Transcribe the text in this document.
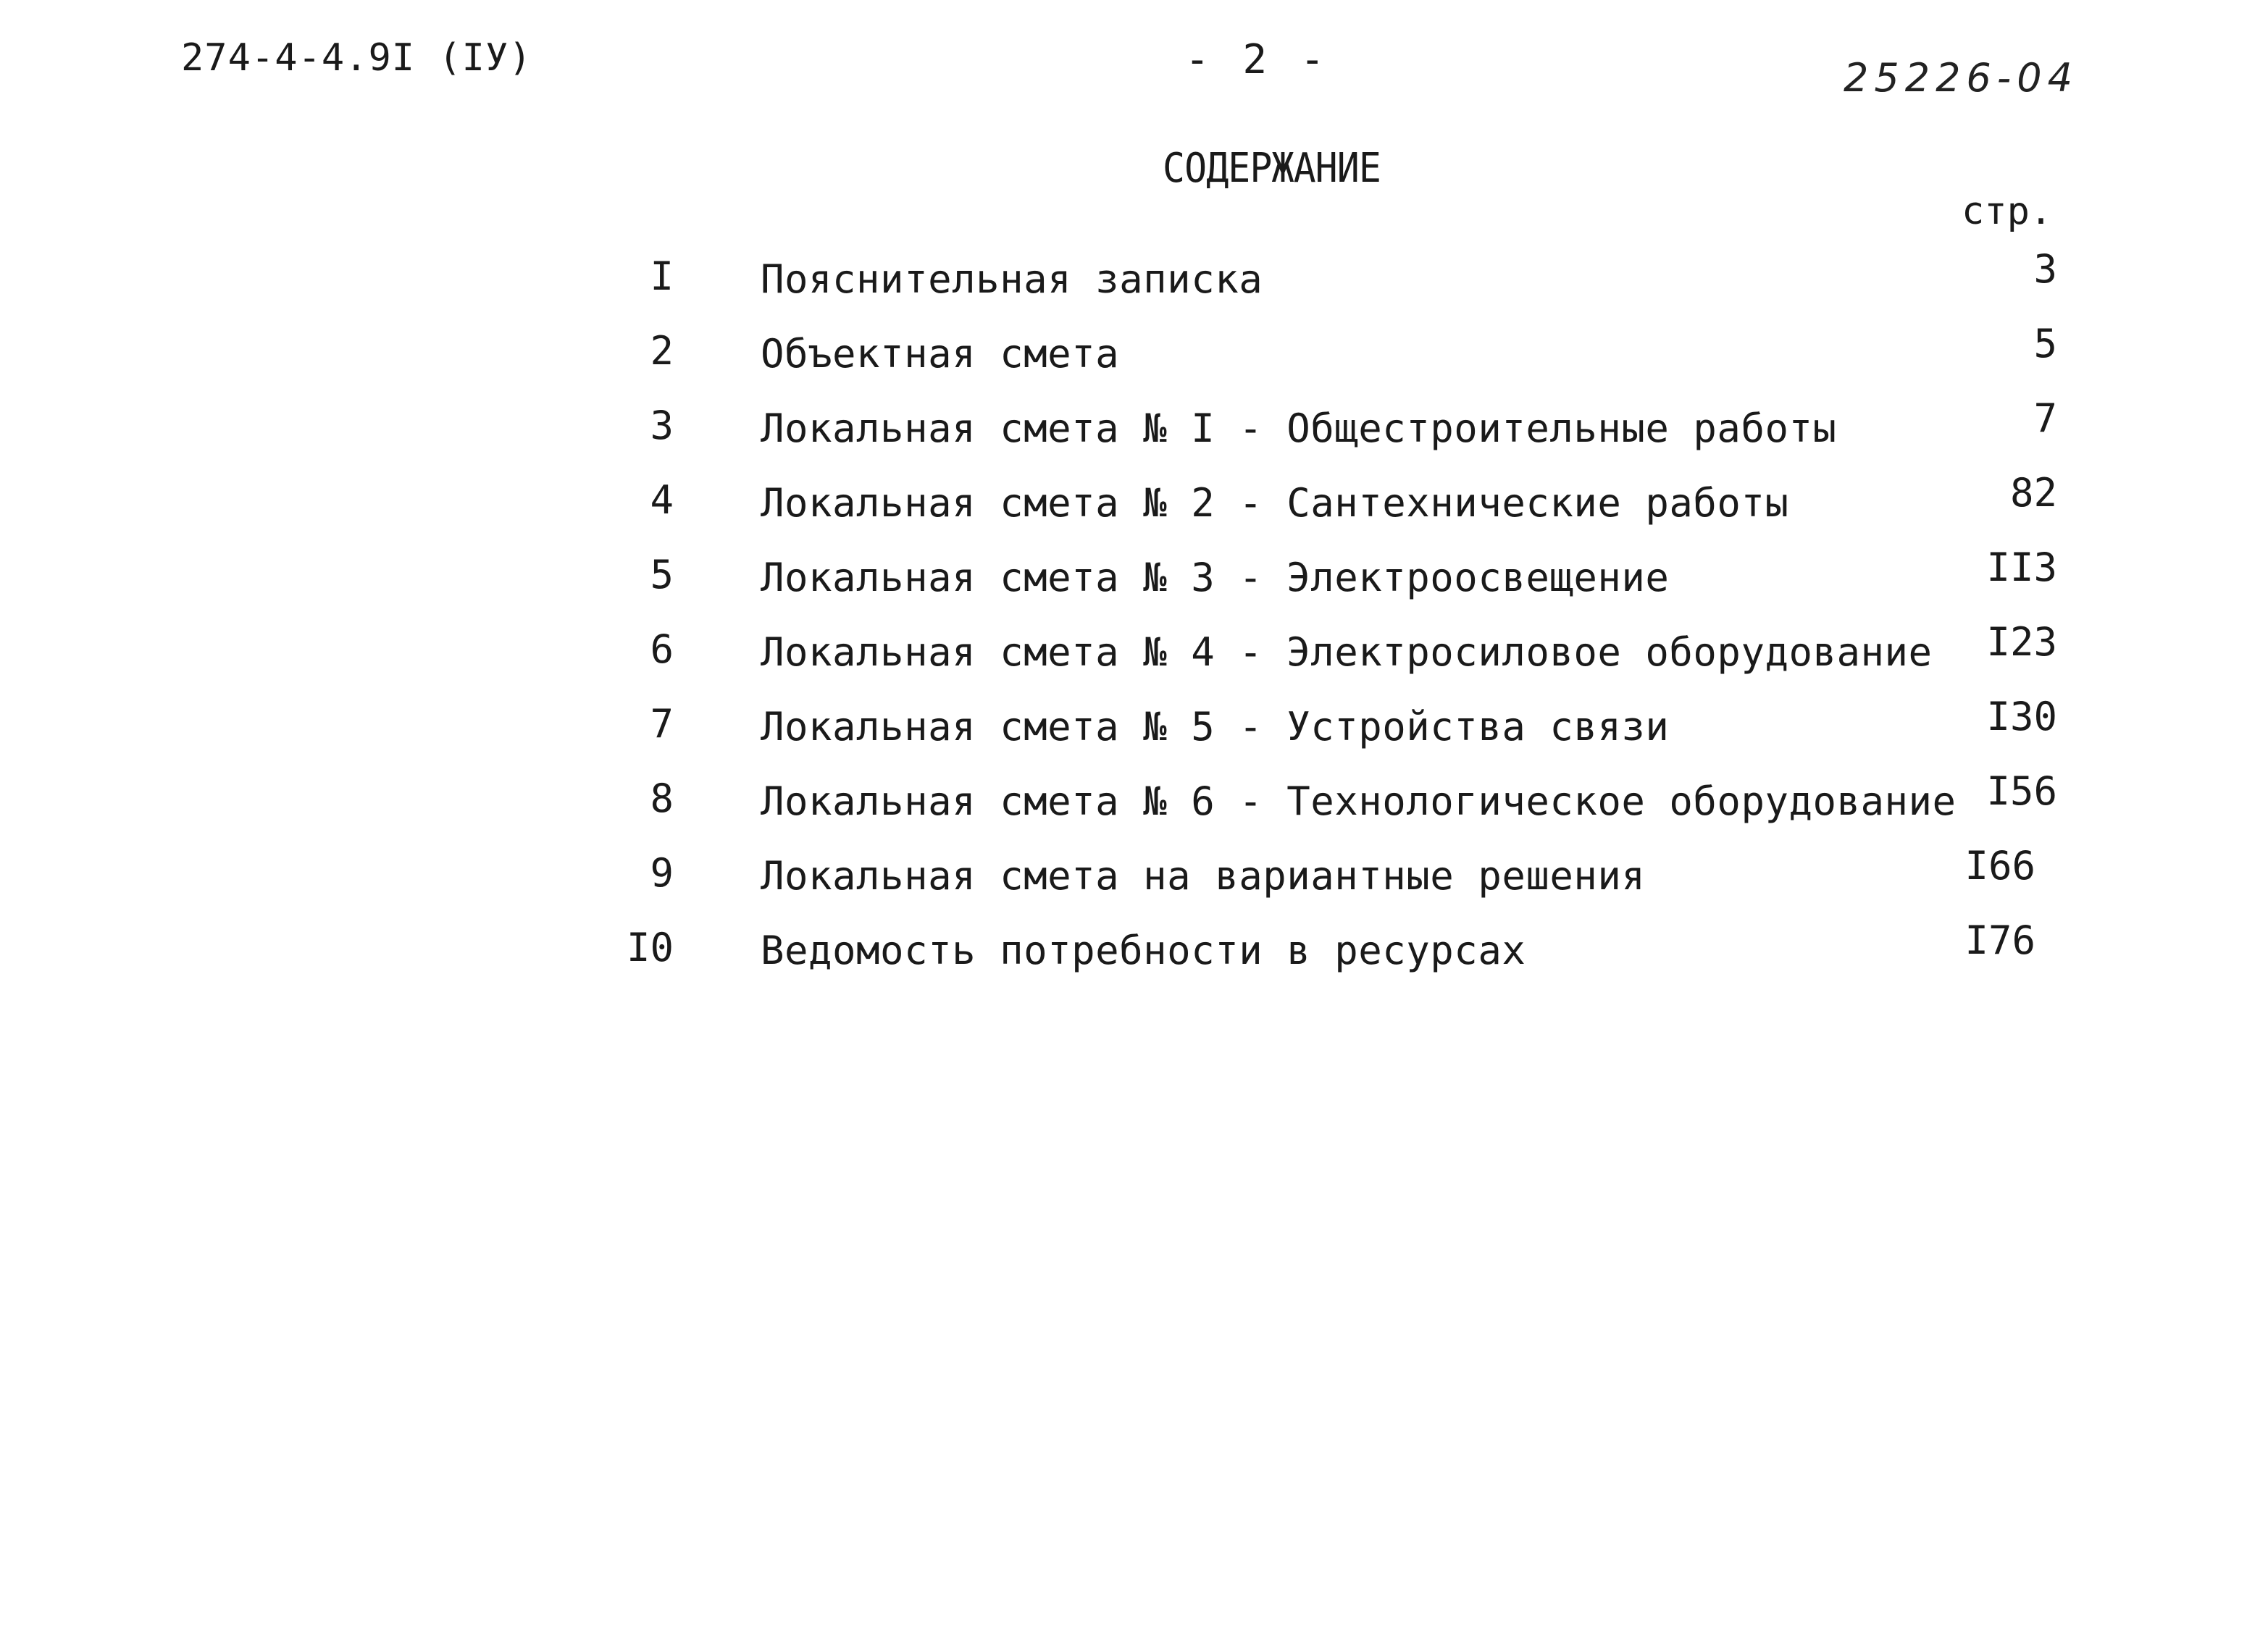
274-4-4.9I (IУ)	- 2 -	25226-04
СОДЕРЖАНИЕ
стр.
I Пояснительная записка	3
2 Объектная смета	5
3 Локальная смета № I - Общестроительные работы	7
4 Локальная смета № 2 - Сантехнические работы	82
5 Локальная смета № 3 - Электроосвещение	II3
6 Локальная смета № 4 - Электросиловое оборудование	I23
7 Локальная смета № 5 - Устройства связи	I30
8 Локальная смета № 6 - Технологическое оборудование I56
9 Локальная смета на вариантные решения	I66
I0 Ведомость потребности в ресурсах	I76
